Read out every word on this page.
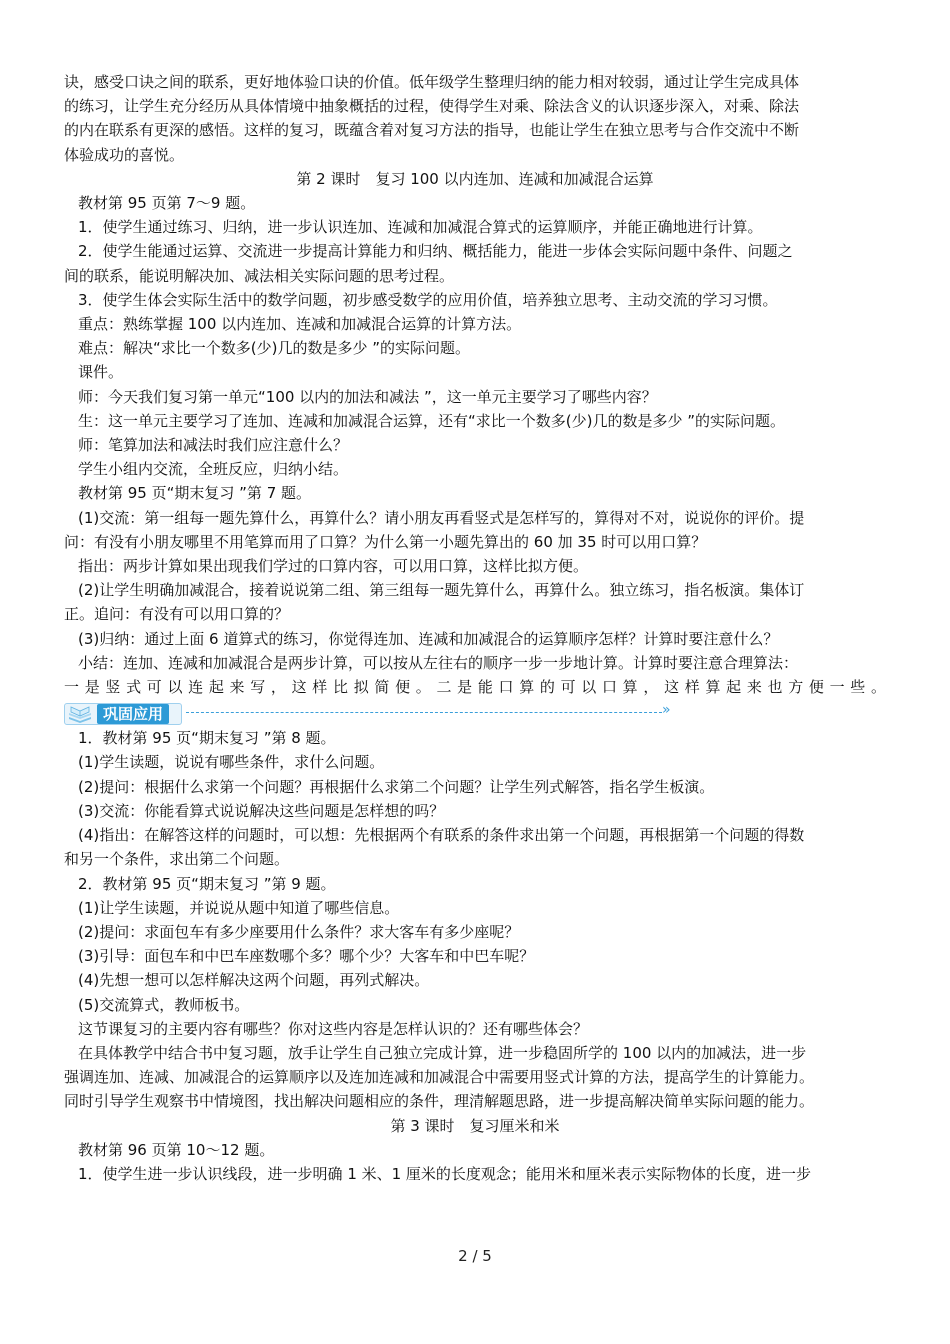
诀，感受口诀之间的联系，更好地体验口诀的价值。低年级学生整理归纳的能力相对较弱，通过让学生完成具体

的练习，让学生充分经历从具体情境中抽象概括的过程，使得学生对乘、除法含义的认识逐步深入，对乘、除法

的内在联系有更深的感悟。这样的复习，既蕴含着对复习方法的指导，也能让学生在独立思考与合作交流中不断

体验成功的喜悦。

第 2 课时　复习 100 以内连加、连减和加减混合运算

教材第 95 页第 7～9 题。

1．使学生通过练习、归纳，进一步认识连加、连减和加减混合算式的运算顺序，并能正确地进行计算。

2．使学生能通过运算、交流进一步提高计算能力和归纳、概括能力，能进一步体会实际问题中条件、问题之

间的联系，能说明解决加、减法相关实际问题的思考过程。

3．使学生体会实际生活中的数学问题，初步感受数学的应用价值，培养独立思考、主动交流的学习习惯。

重点：熟练掌握 100 以内连加、连减和加减混合运算的计算方法。

难点：解决“求比一个数多(少)几的数是多少 ”的实际问题。

课件。

师：今天我们复习第一单元“100 以内的加法和减法 ”，这一单元主要学习了哪些内容？

生：这一单元主要学习了连加、连减和加减混合运算，还有“求比一个数多(少)几的数是多少 ”的实际问题。

师：笔算加法和减法时我们应注意什么？

学生小组内交流，全班反应，归纳小结。

教材第 95 页“期末复习 ”第 7 题。

(1)交流：第一组每一题先算什么，再算什么？请小朋友再看竖式是怎样写的，算得对不对，说说你的评价。提

问：有没有小朋友哪里不用笔算而用了口算？为什么第一小题先算出的 60 加 35 时可以用口算？

指出：两步计算如果出现我们学过的口算内容，可以用口算，这样比拟方便。

(2)让学生明确加减混合，接着说说第二组、第三组每一题先算什么，再算什么。独立练习，指名板演。集体订

正。追问：有没有可以用口算的？

(3)归纳：通过上面 6 道算式的练习，你觉得连加、连减和加减混合的运算顺序怎样？计算时要注意什么？

小结：连加、连减和加减混合是两步计算，可以按从左往右的顺序一步一步地计算。计算时要注意合理算法：

一是竖式可以连起来写，这样比拟简便。二是能口算的可以口算，这样算起来也方便一些。

巩固应用	»

1．教材第 95 页“期末复习 ”第 8 题。

(1)学生读题，说说有哪些条件，求什么问题。

(2)提问：根据什么求第一个问题？再根据什么求第二个问题？让学生列式解答，指名学生板演。

(3)交流：你能看算式说说解决这些问题是怎样想的吗？

(4)指出：在解答这样的问题时，可以想：先根据两个有联系的条件求出第一个问题，再根据第一个问题的得数

和另一个条件，求出第二个问题。

2．教材第 95 页“期末复习 ”第 9 题。

(1)让学生读题，并说说从题中知道了哪些信息。

(2)提问：求面包车有多少座要用什么条件？求大客车有多少座呢？

(3)引导：面包车和中巴车座数哪个多？哪个少？大客车和中巴车呢？

(4)先想一想可以怎样解决这两个问题，再列式解决。

(5)交流算式，教师板书。

这节课复习的主要内容有哪些？你对这些内容是怎样认识的？还有哪些体会？

在具体教学中结合书中复习题，放手让学生自己独立完成计算，进一步稳固所学的 100 以内的加减法，进一步

强调连加、连减、加减混合的运算顺序以及连加连减和加减混合中需要用竖式计算的方法，提高学生的计算能力。

同时引导学生观察书中情境图，找出解决问题相应的条件，理清解题思路，进一步提高解决简单实际问题的能力。

第 3 课时　复习厘米和米

教材第 96 页第 10～12 题。

1．使学生进一步认识线段，进一步明确 1 米、1 厘米的长度观念；能用米和厘米表示实际物体的长度，进一步

2 / 5
